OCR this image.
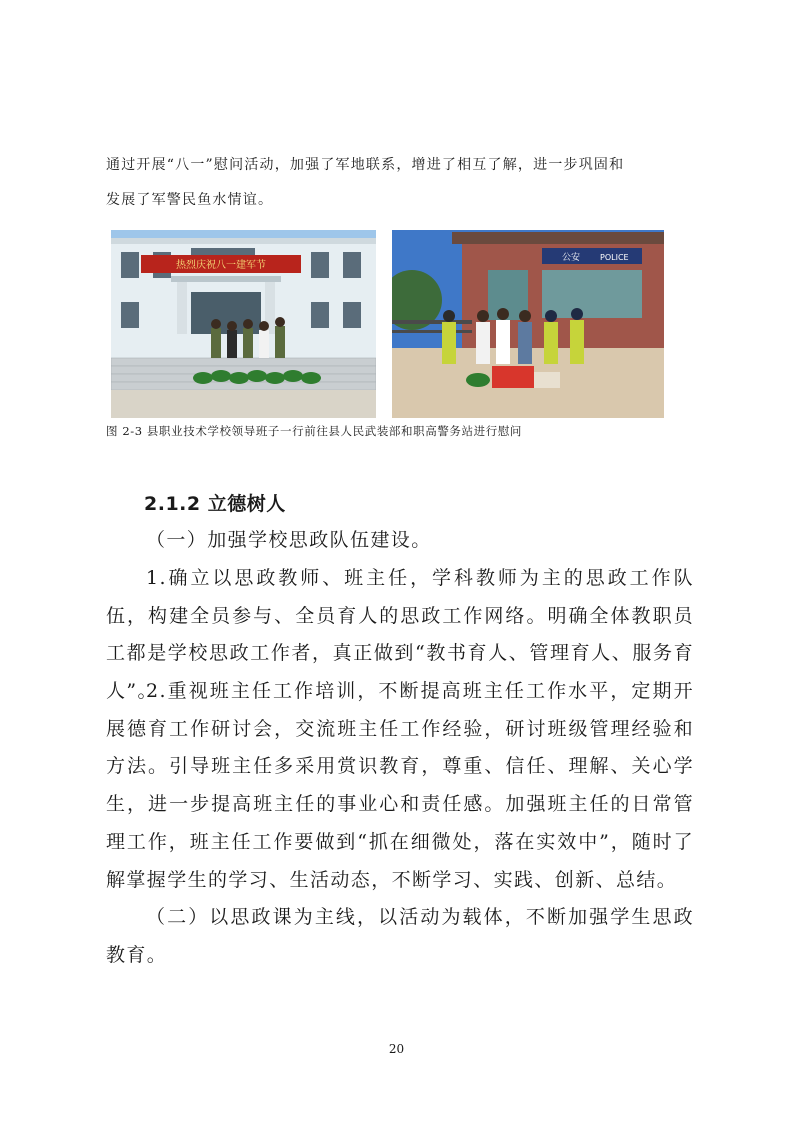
通过开展“八一”慰问活动，加强了军地联系，增进了相互了解，进一步巩固和

发展了军警民鱼水情谊。

热烈庆祝八一建军节
公安 POLICE

图 2-3 县职业技术学校领导班子一行前往县人民武装部和职高警务站进行慰问

2.1.2 立德树人

（一）加强学校思政队伍建设。

1.确立以思政教师、班主任，学科教师为主的思政工作队伍，构建全员参与、全员育人的思政工作网络。明确全体教职员工都是学校思政工作者，真正做到“教书育人、管理育人、服务育人”。

2.重视班主任工作培训，不断提高班主任工作水平，定期开展德育工作研讨会，交流班主任工作经验，研讨班级管理经验和方法。引导班主任多采用赏识教育，尊重、信任、理解、关心学生，进一步提高班主任的事业心和责任感。加强班主任的日常管理工作，班主任工作要做到“抓在细微处，落在实效中”，随时了解掌握学生的学习、生活动态，不断学习、实践、创新、总结。

（二）以思政课为主线，以活动为载体，不断加强学生思政教育。

20
